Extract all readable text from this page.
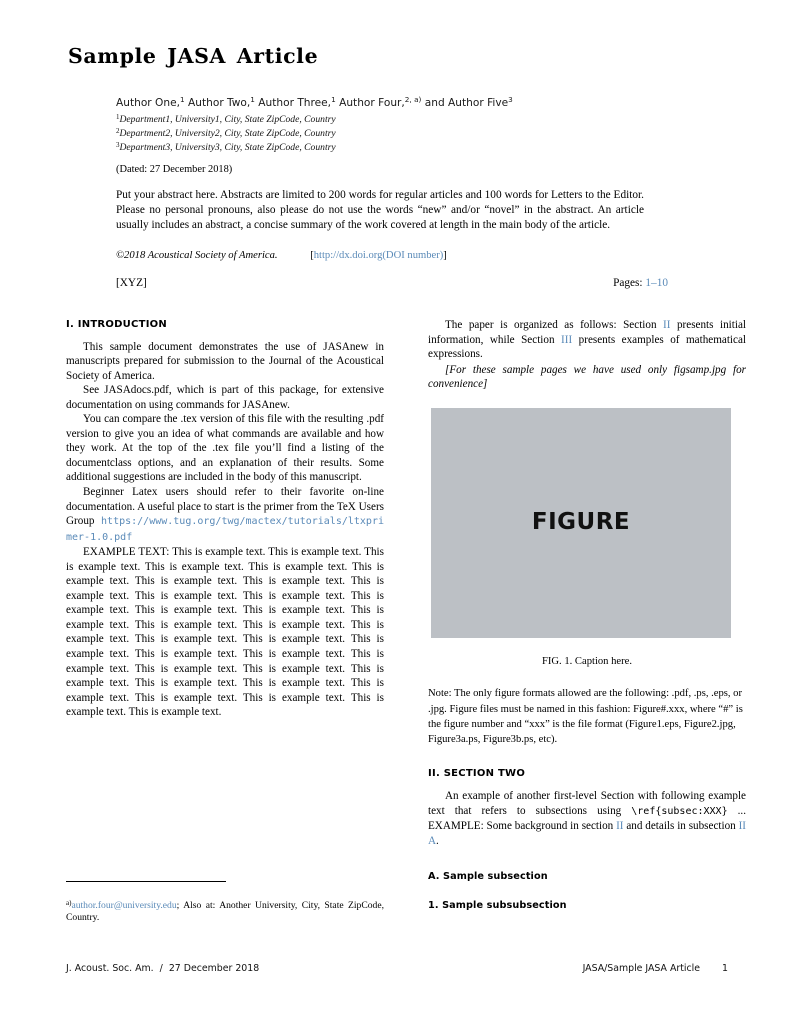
Sample JASA Article
Author One,$^1$ Author Two,$^1$ Author Three,$^1$ Author Four,$^{2, a)}$ and Author Five$^3$
$^1$Department1, University1, City, State ZipCode, Country
$^2$Department2, University2, City, State ZipCode, Country
$^3$Department3, University3, City, State ZipCode, Country
(Dated: 27 December 2018)
Put your abstract here. Abstracts are limited to 200 words for regular articles and 100 words for Letters to the Editor. Please no personal pronouns, also please do not use the words “new” and/or “novel” in the abstract. An article usually includes an abstract, a concise summary of the work covered at length in the main body of the article.
©2018 Acoustical Society of America.	[http://dx.doi.org(DOI number)]
[XYZ]	Pages: 1–10
I. INTRODUCTION

This sample document demonstrates the use of JASAnew in manuscripts prepared for submission to the Journal of the Acoustical Society of America.

See JASAdocs.pdf, which is part of this package, for extensive documentation on using commands for JASAnew.

You can compare the .tex version of this file with the resulting .pdf version to give you an idea of what commands are available and how they work. At the top of the .tex file you’ll find a listing of the documentclass options, and an explanation of their results. Some additional suggestions are included in the body of this manuscript.

Beginner Latex users should refer to their favorite on-line documentation. A useful place to start is the primer from the TeX Users Group https://www.tug.org/twg/mactex/tutorials/ltxprimer-1.0.pdf

EXAMPLE TEXT: This is example text. This is example text. This is example text. This is example text. This is example text. This is example text. This is example text. This is example text. This is example text. This is example text. This is example text. This is example text. This is example text. This is example text. This is example text. This is example text. This is example text. This is example text. This is example text. This is example text. This is example text. This is example text. This is example text. This is example text. This is example text. This is example text. This is example text. This is example text. This is example text. This is example text. This is example text. This is example text. This is example text. This is example text.

The paper is organized as follows: Section II presents initial information, while Section III presents examples of mathematical expressions.

[For these sample pages we have used only figsamp.jpg for convenience]

FIGURE

FIG. 1. Caption here.

Note: The only figure formats allowed are the following: .pdf, .ps, .eps, or .jpg. Figure files must be named in this fashion: Figure#.xxx, where “#” is the figure number and “xxx” is the file format (Figure1.eps, Figure2.jpg, Figure3a.ps, Figure3b.ps, etc).

II. SECTION TWO

An example of another first-level Section with following example text that refers to subsections using \ref{subsec:XXX} ... EXAMPLE: Some background in section II and details in subsection II A.

A. Sample subsection
1. Sample subsubsection
$^{a)}$author.four@university.edu; Also at: Another University, City, State ZipCode, Country.
J. Acoust. Soc. Am. / 27 December 2018	JASA/Sample JASA Article 1
